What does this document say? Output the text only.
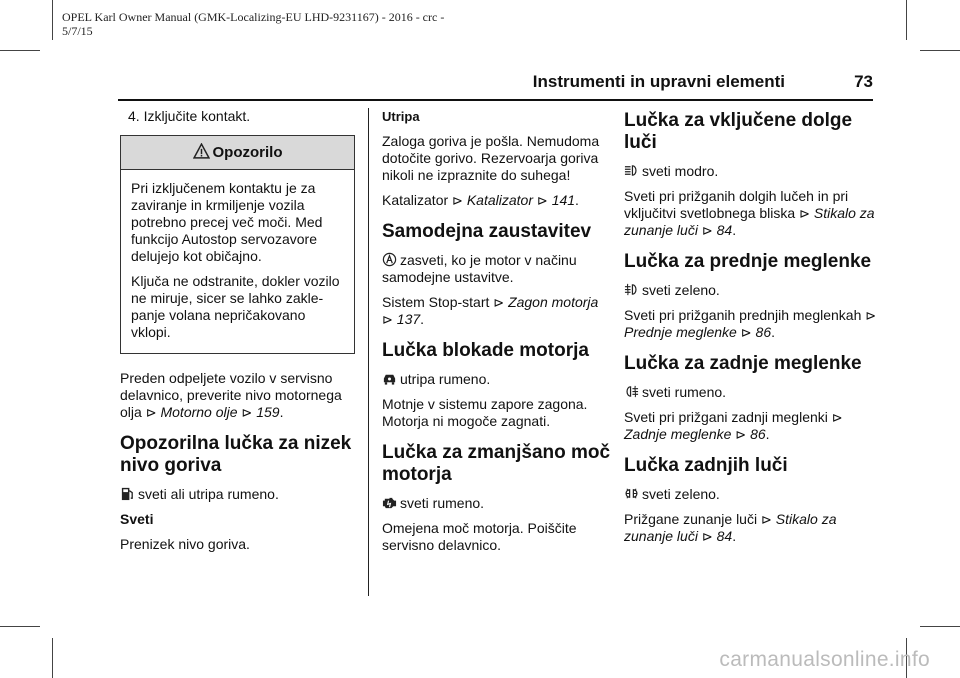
OPEL Karl Owner Manual (GMK-Localizing-EU LHD-9231167) - 2016 - crc -
5/7/15
Instrumenti in upravni elementi	73

4. Izključite kontakt.

Opozorilo

Pri izključenem kontaktu je za zaviranje in krmiljenje vozila potrebno precej več moči. Med funkcijo Autostop servozavore delujejo kot običajno.

Ključa ne odstranite, dokler vozilo ne miruje, sicer se lahko zakle-panje volana nepričakovano vklopi.

Preden odpeljete vozilo v servisno delavnico, preverite nivo motornega olja ⊳ Motorno olje ⊳ 159.

Opozorilna lučka za nizek nivo goriva

sveti ali utripa rumeno.

Sveti

Prenizek nivo goriva.

Utripa

Zaloga goriva je pošla. Nemudoma dotočite gorivo. Rezervoarja goriva nikoli ne izpraznite do suhega!

Katalizator ⊳ Katalizator ⊳ 141.

Samodejna zaustavitev

zasveti, ko je motor v načinu samodejne ustavitve.

Sistem Stop-start ⊳ Zagon motorja ⊳ 137.

Lučka blokade motorja

utripa rumeno.

Motnje v sistemu zapore zagona. Motorja ni mogoče zagnati.

Lučka za zmanjšano moč motorja

sveti rumeno.

Omejena moč motorja. Poiščite servisno delavnico.

Lučka za vključene dolge luči

sveti modro.

Sveti pri prižganih dolgih lučeh in pri vključitvi svetlobnega bliska ⊳ Stikalo za zunanje luči ⊳ 84.

Lučka za prednje meglenke

sveti zeleno.

Sveti pri prižganih prednjih meglenkah ⊳ Prednje meglenke ⊳ 86.

Lučka za zadnje meglenke

sveti rumeno.

Sveti pri prižgani zadnji meglenki ⊳ Zadnje meglenke ⊳ 86.

Lučka zadnjih luči

sveti zeleno.

Prižgane zunanje luči ⊳ Stikalo za zunanje luči ⊳ 84.

carmanualsonline.info
